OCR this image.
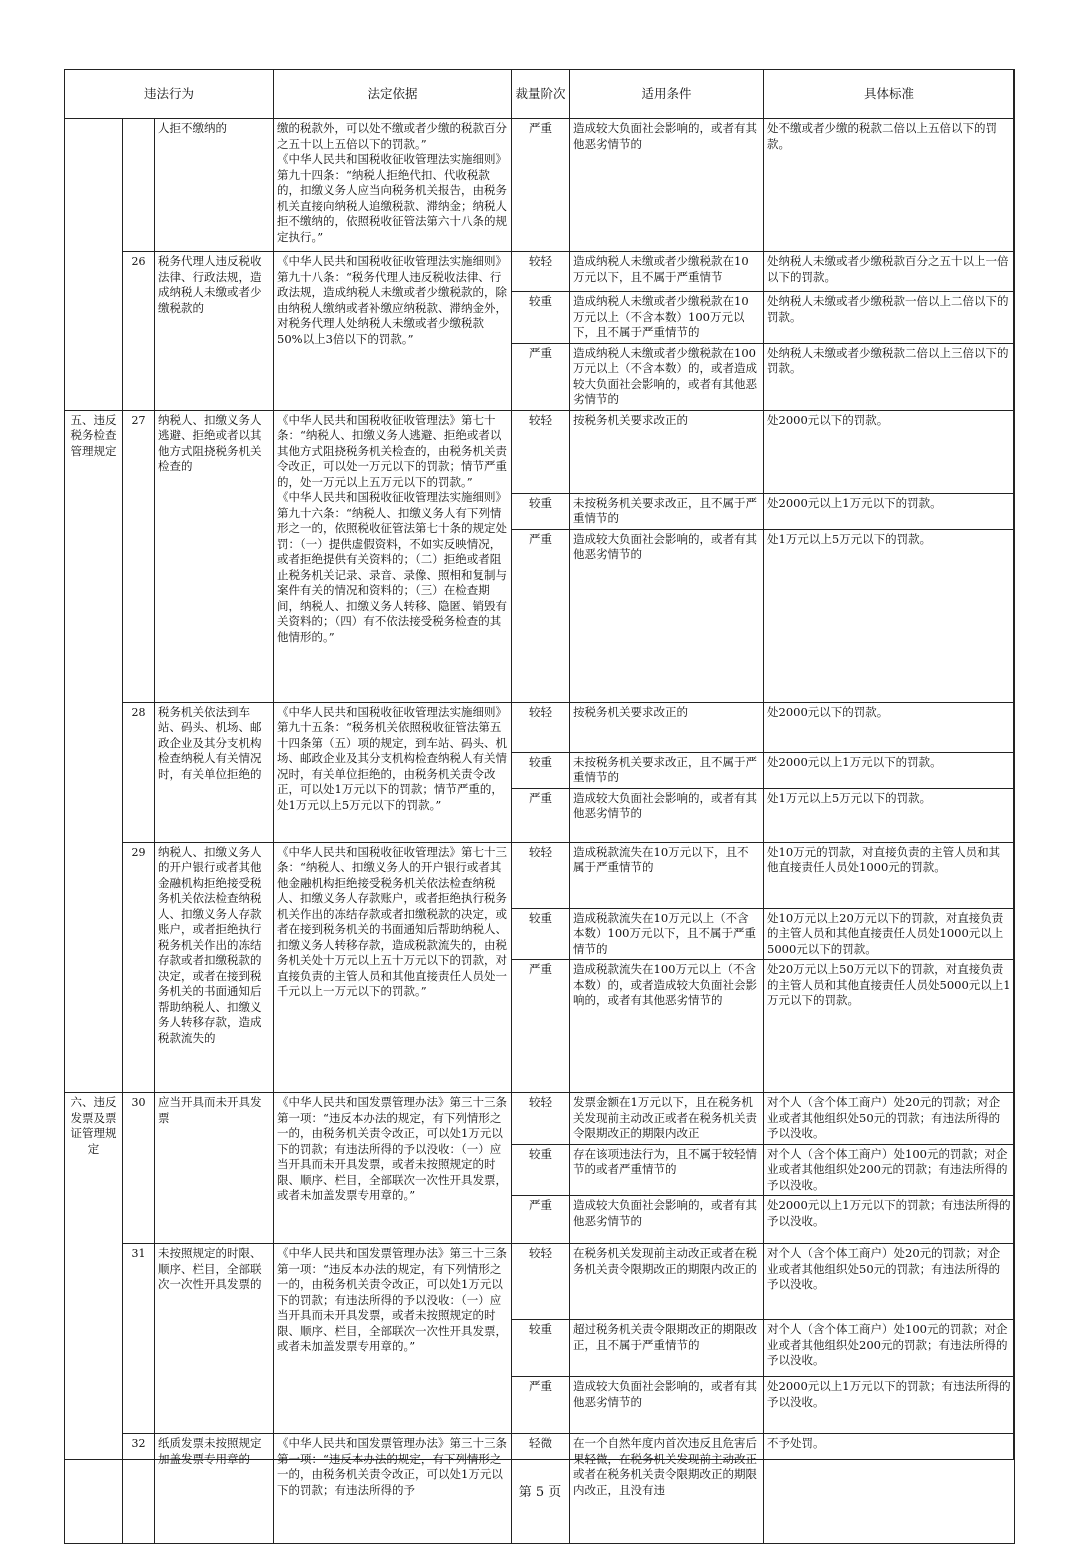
违法行为			法定依据	裁量阶次	适用条件	具体标准
		人拒不缴纳的	缴的税款外，可以处不缴或者少缴的税款百分之五十以上五倍以下的罚款。”
《中华人民共和国税收征收管理法实施细则》第九十四条：“纳税人拒绝代扣、代收税款的，扣缴义务人应当向税务机关报告，由税务机关直接向纳税人追缴税款、滞纳金；纳税人拒不缴纳的，依照税收征管法第六十八条的规定执行。”	严重	造成较大负面社会影响的，或者有其他恶劣情节的	处不缴或者少缴的税款二倍以上五倍以下的罚款。
	26	税务代理人违反税收法律、行政法规，造成纳税人未缴或者少缴税款的	《中华人民共和国税收征收管理法实施细则》第九十八条：“税务代理人违反税收法律、行政法规，造成纳税人未缴或者少缴税款的，除由纳税人缴纳或者补缴应纳税款、滞纳金外，对税务代理人处纳税人未缴或者少缴税款50%以上3倍以下的罚款。”	较轻	造成纳税人未缴或者少缴税款在10万元以下，且不属于严重情节	处纳税人未缴或者少缴税款百分之五十以上一倍以下的罚款。
				较重	造成纳税人未缴或者少缴税款在10万元以上（不含本数）100万元以下，且不属于严重情节的	处纳税人未缴或者少缴税款一倍以上二倍以下的罚款。
				严重	造成纳税人未缴或者少缴税款在100万元以上（不含本数）的，或者造成较大负面社会影响的，或者有其他恶劣情节的	处纳税人未缴或者少缴税款二倍以上三倍以下的罚款。
五、违反税务检查管理规定	27	纳税人、扣缴义务人逃避、拒绝或者以其他方式阻挠税务机关检查的	《中华人民共和国税收征收管理法》第七十条：“纳税人、扣缴义务人逃避、拒绝或者以其他方式阻挠税务机关检查的，由税务机关责令改正，可以处一万元以下的罚款；情节严重的，处一万元以上五万元以下的罚款。”
《中华人民共和国税收征收管理法实施细则》第九十六条：“纳税人、扣缴义务人有下列情形之一的，依照税收征管法第七十条的规定处罚：（一）提供虚假资料，不如实反映情况，或者拒绝提供有关资料的；（二）拒绝或者阻止税务机关记录、录音、录像、照相和复制与案件有关的情况和资料的；（三）在检查期间，纳税人、扣缴义务人转移、隐匿、销毁有关资料的；（四）有不依法接受税务检查的其他情形的。”	较轻	按税务机关要求改正的	处2000元以下的罚款。
				较重	未按税务机关要求改正，且不属于严重情节的	处2000元以上1万元以下的罚款。
				严重	造成较大负面社会影响的，或者有其他恶劣情节的	处1万元以上5万元以下的罚款。
	28	税务机关依法到车站、码头、机场、邮政企业及其分支机构检查纳税人有关情况时，有关单位拒绝的	《中华人民共和国税收征收管理法实施细则》第九十五条：“税务机关依照税收征管法第五十四条第（五）项的规定，到车站、码头、机场、邮政企业及其分支机构检查纳税人有关情况时，有关单位拒绝的，由税务机关责令改正，可以处1万元以下的罚款；情节严重的，处1万元以上5万元以下的罚款。”	较轻	按税务机关要求改正的	处2000元以下的罚款。
				较重	未按税务机关要求改正，且不属于严重情节的	处2000元以上1万元以下的罚款。
				严重	造成较大负面社会影响的，或者有其他恶劣情节的	处1万元以上5万元以下的罚款。
	29	纳税人、扣缴义务人的开户银行或者其他金融机构拒绝接受税务机关依法检查纳税人、扣缴义务人存款账户，或者拒绝执行税务机关作出的冻结存款或者扣缴税款的决定，或者在接到税务机关的书面通知后帮助纳税人、扣缴义务人转移存款，造成税款流失的	《中华人民共和国税收征收管理法》第七十三条：“纳税人、扣缴义务人的开户银行或者其他金融机构拒绝接受税务机关依法检查纳税人、扣缴义务人存款账户，或者拒绝执行税务机关作出的冻结存款或者扣缴税款的决定，或者在接到税务机关的书面通知后帮助纳税人、扣缴义务人转移存款，造成税款流失的，由税务机关处十万元以上五十万元以下的罚款，对直接负责的主管人员和其他直接责任人员处一千元以上一万元以下的罚款。”	较轻	造成税款流失在10万元以下，且不属于严重情节的	处10万元的罚款，对直接负责的主管人员和其他直接责任人员处1000元的罚款。
				较重	造成税款流失在10万元以上（不含本数）100万元以下，且不属于严重情节的	处10万元以上20万元以下的罚款，对直接负责的主管人员和其他直接责任人员处1000元以上5000元以下的罚款。
				严重	造成税款流失在100万元以上（不含本数）的，或者造成较大负面社会影响的，或者有其他恶劣情节的	处20万元以上50万元以下的罚款，对直接负责的主管人员和其他直接责任人员处5000元以上1万元以下的罚款。
六、违反发票及票证管理规定	30	应当开具而未开具发票	《中华人民共和国发票管理办法》第三十三条第一项：“违反本办法的规定，有下列情形之一的，由税务机关责令改正，可以处1万元以下的罚款；有违法所得的予以没收：（一）应当开具而未开具发票，或者未按照规定的时限、顺序、栏目，全部联次一次性开具发票，或者未加盖发票专用章的。”	较轻	发票金额在1万元以下，且在税务机关发现前主动改正或者在税务机关责令限期改正的期限内改正	对个人（含个体工商户）处20元的罚款；对企业或者其他组织处50元的罚款；有违法所得的予以没收。
				较重	存在该项违法行为，且不属于较轻情节的或者严重情节的	对个人（含个体工商户）处100元的罚款；对企业或者其他组织处200元的罚款；有违法所得的予以没收。
				严重	造成较大负面社会影响的，或者有其他恶劣情节的	处2000元以上1万元以下的罚款；有违法所得的予以没收。
	31	未按照规定的时限、顺序、栏目，全部联次一次性开具发票的	《中华人民共和国发票管理办法》第三十三条第一项：“违反本办法的规定，有下列情形之一的，由税务机关责令改正，可以处1万元以下的罚款；有违法所得的予以没收：（一）应当开具而未开具发票，或者未按照规定的时限、顺序、栏目，全部联次一次性开具发票，或者未加盖发票专用章的。”	较轻	在税务机关发现前主动改正或者在税务机关责令限期改正的期限内改正的	对个人（含个体工商户）处20元的罚款；对企业或者其他组织处50元的罚款；有违法所得的予以没收。
				较重	超过税务机关责令限期改正的期限改正，且不属于严重情节的	对个人（含个体工商户）处100元的罚款；对企业或者其他组织处200元的罚款；有违法所得的予以没收。
				严重	造成较大负面社会影响的，或者有其他恶劣情节的	处2000元以上1万元以下的罚款；有违法所得的予以没收。
	32	纸质发票未按照规定加盖发票专用章的	《中华人民共和国发票管理办法》第三十三条第一项：“违反本办法的规定，有下列情形之一的，由税务机关责令改正，可以处1万元以下的罚款；有违法所得的予	轻微	在一个自然年度内首次违反且危害后果轻微，在税务机关发现前主动改正或者在税务机关责令限期改正的期限内改正，且没有违	不予处罚。
第 5 页
